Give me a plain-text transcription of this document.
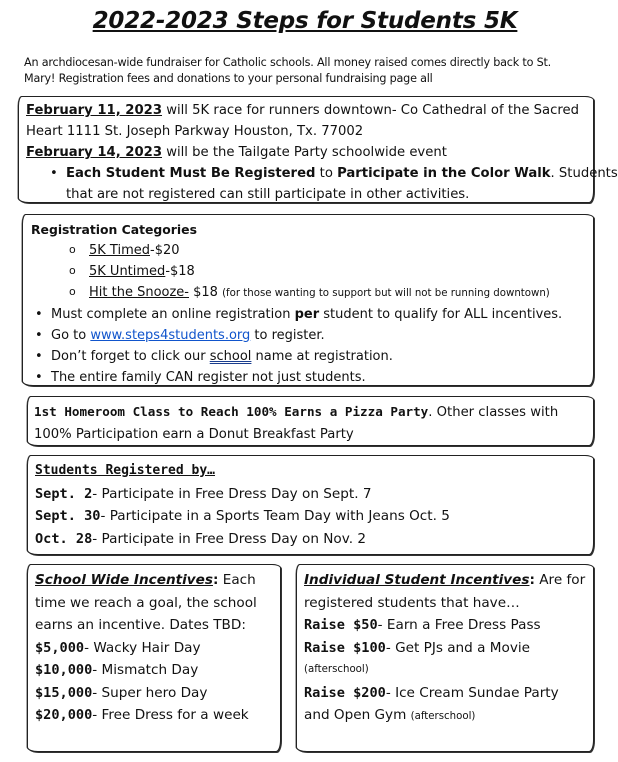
2022-2023 Steps for Students 5K
An archdiocesan-wide fundraiser for Catholic schools. All money raised comes directly back to St.
Mary! Registration fees and donations to your personal fundraising page all
February 11, 2023 will 5K race for runners downtown- Co Cathedral of the Sacred
Heart 1111 St. Joseph Parkway Houston, Tx. 77002
February 14, 2023 will be the Tailgate Party schoolwide event
• Each Student Must Be Registered to Participate in the Color Walk. Students
that are not registered can still participate in other activities.
Registration Categories
o 5K Timed-$20
o 5K Untimed-$18
o Hit the Snooze- $18 (for those wanting to support but will not be running downtown)
• Must complete an online registration per student to qualify for ALL incentives.
• Go to www.steps4students.org to register.
• Don’t forget to click our school name at registration.
• The entire family CAN register not just students.
1st Homeroom Class to Reach 100% Earns a Pizza Party. Other classes with
100% Participation earn a Donut Breakfast Party
Students Registered by…
Sept. 2- Participate in Free Dress Day on Sept. 7
Sept. 30- Participate in a Sports Team Day with Jeans Oct. 5
Oct. 28- Participate in Free Dress Day on Nov. 2
School Wide Incentives: Each
time we reach a goal, the school
earns an incentive. Dates TBD:
$5,000- Wacky Hair Day
$10,000- Mismatch Day
$15,000- Super hero Day
$20,000- Free Dress for a week
Individual Student Incentives: Are for
registered students that have…
Raise $50- Earn a Free Dress Pass
Raise $100- Get PJs and a Movie
(afterschool)
Raise $200- Ice Cream Sundae Party
and Open Gym (afterschool)
